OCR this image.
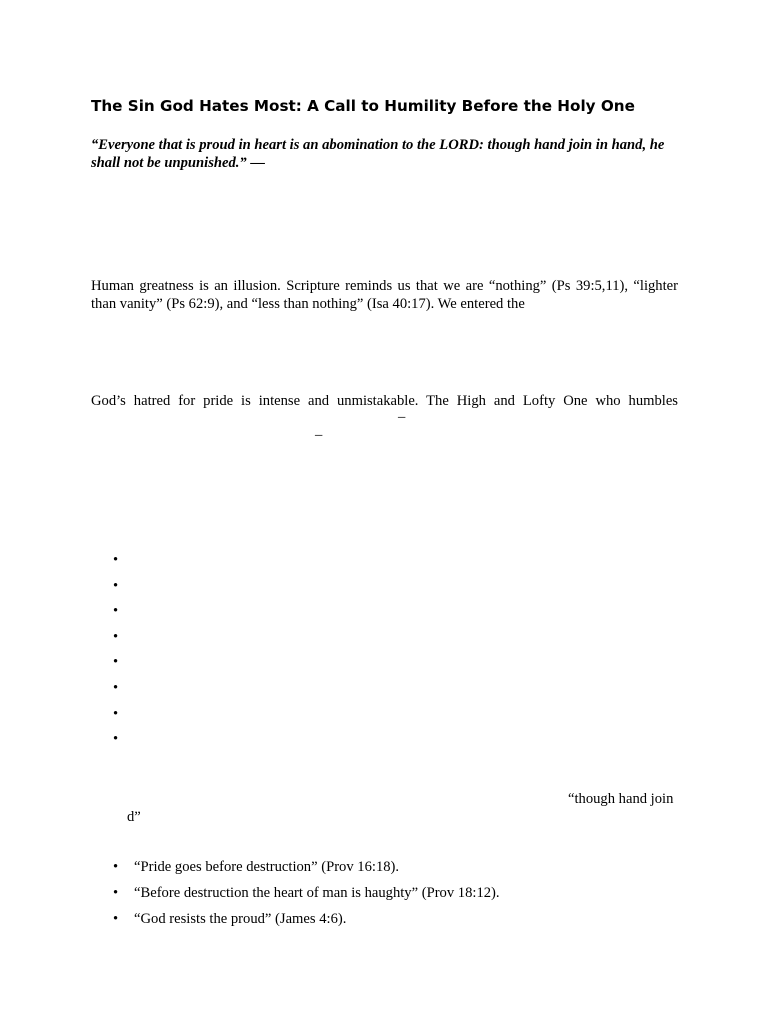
The Sin God Hates Most: A Call to Humility Before the Holy One

“Everyone that is proud in heart is an abomination to the LORD: though hand join in hand, he shall not be unpunished.” —

Human greatness is an illusion. Scripture reminds us that we are “nothing” (Ps 39:5,11), “lighter than vanity” (Ps 62:9), and “less than nothing” (Isa 40:17). We entered the

God’s hatred for pride is intense and unmistakable. The High and Lofty One who humbles

–
–
•
•
•
•
•
•
•
•
“though hand join
d”
• “Pride goes before destruction” (Prov 16:18).
• “Before destruction the heart of man is haughty” (Prov 18:12).
• “God resists the proud” (James 4:6).
